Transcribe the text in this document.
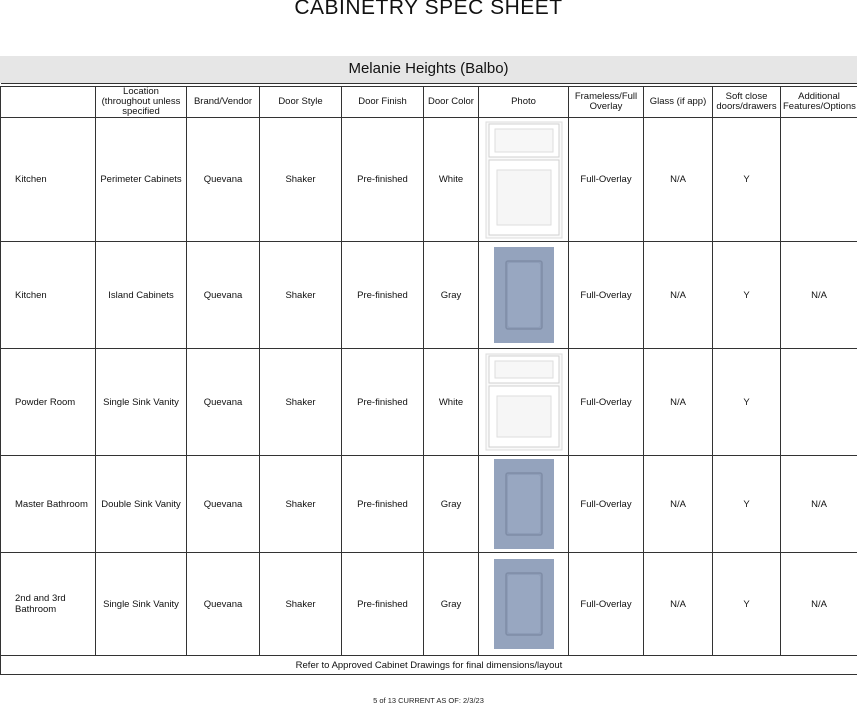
CABINETRY SPEC SHEET
Melanie Heights (Balbo)

	Location (throughout unless specified	Brand/Vendor	Door Style	Door Finish	Door Color	Photo	Frameless/Full Overlay	Glass (if app)	Soft close doors/drawers	Additional Features/Options
Kitchen	Perimeter Cabinets	Quevana	Shaker	Pre-finished	White		Full-Overlay	N/A	Y	
Kitchen	Island Cabinets	Quevana	Shaker	Pre-finished	Gray		Full-Overlay	N/A	Y	N/A
Powder Room	Single Sink Vanity	Quevana	Shaker	Pre-finished	White		Full-Overlay	N/A	Y	
Master Bathroom	Double Sink Vanity	Quevana	Shaker	Pre-finished	Gray		Full-Overlay	N/A	Y	N/A
2nd and 3rd Bathroom	Single Sink Vanity	Quevana	Shaker	Pre-finished	Gray		Full-Overlay	N/A	Y	N/A
Refer to Approved Cabinet Drawings for final dimensions/layout										
5 of 13 CURRENT AS OF: 2/3/23
